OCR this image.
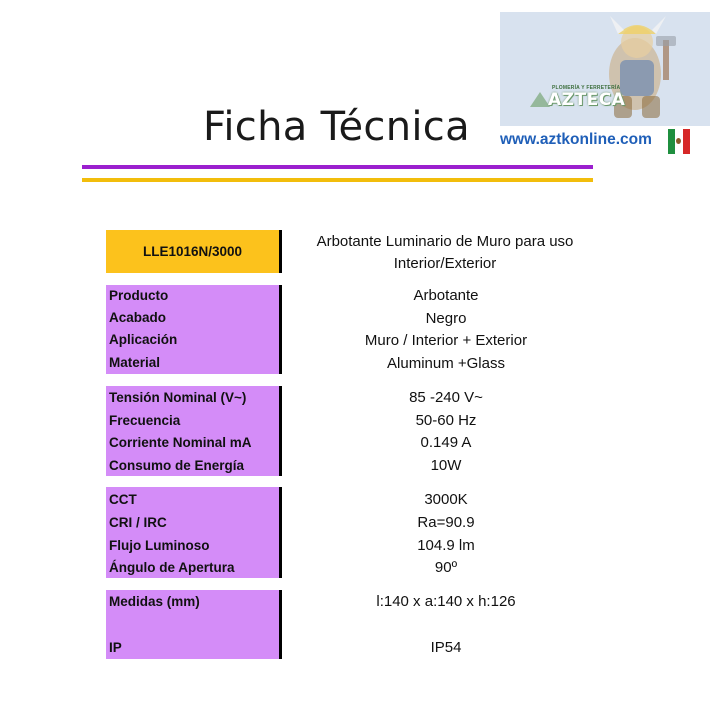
Ficha Técnica
PLOMERÍA Y FERRETERÍA
AZTECA
www.aztkonline.com
LLE1016N/3000
Arbotante Luminario de Muro para uso
Interior/Exterior
Producto
Acabado
Aplicación
Material
Arbotante
Negro
Muro / Interior + Exterior
Aluminum +Glass
Tensión Nominal (V~)
Frecuencia
Corriente Nominal mA
Consumo de Energía
85 -240 V~
50-60 Hz
0.149 A
10W
CCT
CRI / IRC
Flujo Luminoso
Ángulo de Apertura
3000K
Ra=90.9
104.9 lm
90º
Medidas (mm)
IP
l:140 x a:140 x h:126
IP54
